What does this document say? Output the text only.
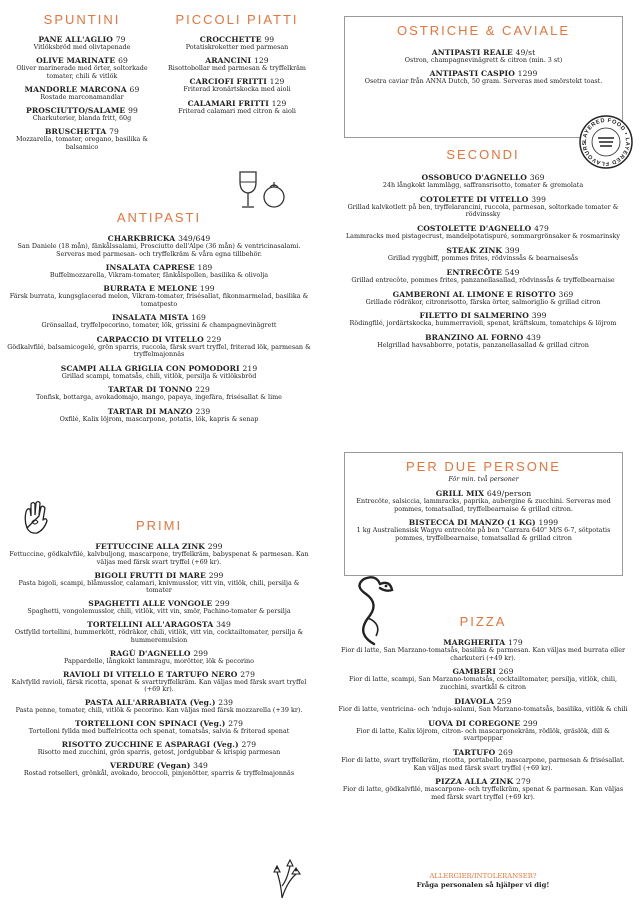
SPUNTINI
PANE ALL'AGLIO 79
Vitlöksbröd med olivtapenade
OLIVE MARINATE 69
Oliver marinerade med örter, soltorkade tomater, chili & vitlök
MANDORLE MARCONA 69
Rostade marconamandlar
PROSCIUTTO/SALAME 99
Charkuterier, blanda fritt, 60g
BRUSCHETTA 79
Mozzarella, tomater, oregano, basilika & balsamico
PICCOLI PIATTI
CROCCHETTE 99
Potatiskroketter med parmesan
ARANCINI 129
Risottobollar med parmesan & tryffelkräm
CARCIOFI FRITTI 129
Friterad kronärtskocka med aioli
CALAMARI FRITTI 129
Friterad calamari med citron & aioli
ANTIPASTI
CHARKBRICKA 349/649
San Daniele (18 mån), fänkålssalami, Prosciutto dell'Alpe (36 mån) & ventricinasalami. Serveras med parmesan- och tryffelkräm & våra egna tillbehör.
INSALATA CAPRESE 189
Buffelmozzarella, Vikram-tomater, fänkålspollen, basilika & olivolja
BURRATA E MELONE 199
Färsk burrata, kungsglacerad melon, Vikram-tomater, frisésallat, fikonmarmelad, basilika & tomatpesto
INSALATA MISTA 169
Grönsallad, tryffelpecorino, tomater, lök, grissini & champagnevinägrett
CARPACCIO DI VITELLO 229
Gödkalvfilé, balsamicogelé, grön sparris, ruccola, färsk svart tryffel, friterad lök, parmesan & tryffelmajonnäs
SCAMPI ALLA GRIGLIA CON POMODORI 219
Grillad scampi, tomatsås, chili, vitlök, persilja & vitlöksbröd
TARTAR DI TONNO 229
Tonfisk, bottarga, avokadomajo, mango, papaya, ingefära, frisésallat & lime
TARTAR DI MANZO 239
Oxfilé, Kalix löjrom, mascarpone, potatis, lök, kapris & senap
PRIMI
FETTUCCINE ALLA ZINK 299
Fettuccine, gödkalvfilé, kalvbuljong, mascarpone, tryffelkräm, babyspenat & parmesan. Kan väljas med färsk svart tryffel (+69 kr).
BIGOLI FRUTTI DI MARE 299
Pasta bigoli, scampi, blåmusslor, calamari, knivmusslor, vitt vin, vitlök, chili, persilja & tomater
SPAGHETTI ALLE VONGOLE 299
Spaghetti, vongolemusslor, chili, vitlök, vitt vin, smör, Pachino-tomater & persilja
TORTELLINI ALL'ARAGOSTA 349
Ostfylld tortellini, hummerkött, rödräkor, chili, vitlök, vitt vin, cocktailtomater, persilja & hummeremulsion
RAGÙ D'AGNELLO 299
Pappardelle, långkokt lammragu, morötter, lök & pecorino
RAVIOLI DI VITELLO E TARTUFO NERO 279
Kalvfylld ravioli, färsk ricotta, spenat & svarttryffelkräm. Kan väljas med färsk svart tryffel (+69 kr).
PASTA ALL'ARRABIATA (Veg.) 239
Pasta penne, tomater, chili, vitlök & pecorino. Kan väljas med färsk mozzarella (+39 kr).
TORTELLONI CON SPINACI (Veg.) 279
Tortelloni fyllda med buffelricotta och spenat, tomatsås, salvia & friterad spenat
RISOTTO ZUCCHINE E ASPARAGI (Veg.) 279
Risotto med zucchini, grön sparris, getost, jordgubbar & krispig parmesan
VERDURE (Vegan) 349
Rostad rotselleri, grönkål, avokado, broccoli, pinjenötter, sparris & tryffelmajonnäs
OSTRICHE & CAVIALE
ANTIPASTI REALE 49/st
Ostron, champagnevinägrett & citron (min. 3 st)
ANTIPASTI CASPIO 1299
Osetra caviar från ANNA Dutch, 50 gram. Serveras med smörstekt toast.
LAYERED FOOD • LAYERED FLAVOURS
SECONDI
OSSOBUCO D'AGNELLO 369
24h långkokt lammlägg, saffransrisotto, tomater & gremolata
COTOLETTE DI VITELLO 399
Grillad kalvkotlett på ben, tryffelarancini, ruccola, parmesan, soltorkade tomater & rödvinssky
COSTOLETTE D'AGNELLO 479
Lammracks med pistagecrust, mandelpotatispuré, sommargrönsaker & rosmarinsky
STEAK ZINK 399
Grillad ryggbiff, pommes frites, rödvinssås & bearnaisesås
ENTRECÔTE 549
Grillad entrecôte, pommes frites, panzanellasallad, rödvinssås & tryffelbearnaise
GAMBERONI AL LIMONE E RISOTTO 369
Grillade rödräkor, citronrisotto, färska örter, salmoriglio & grillad citron
FILETTO DI SALMERINO 399
Rödingfilé, jordärtskocka, hummerravioli, spenat, kräftskum, tomatchips & löjrom
BRANZINO AL FORNO 439
Helgrillad havsabborre, potatis, panzanellasallad & grillad citron
PER DUE PERSONE
För min. två personer
GRILL MIX 649/person
Entrecôte, salsiccia, lammracks, paprika, aubergine & zucchini. Serveras med pommes, tomatsallad, tryffelbearnaise & grillad citron.
BISTECCA DI MANZO (1 KG) 1999
1 kg Australiensisk Wagyu entrecôte på ben "Carrara 640" M/S 6-7, sötpotatis pommes, tryffelbearnaise, tomatsallad & grillad citron
PIZZA
MARGHERITA 179
Fior di latte, San Marzano-tomatsås, basilika & parmesan. Kan väljas med burrata eller charkuteri (+49 kr).
GAMBERI 269
Fior di latte, scampi, San Marzano-tomatsås, cocktailtomater, persilja, vitlök, chili, zucchini, svartkål & citron
DIAVOLA 259
Fior di latte, ventricina- och 'nduja-salami, San Marzano-tomatsås, basilika, vitlök & chili
UOVA DI COREGONE 299
Fior di latte, Kalix löjrom, citron- och mascarponekräm, rödlök, gräslök, dill & svartpeppar
TARTUFO 269
Fior di latte, svart tryffelkräm, ricotta, portabello, mascarpone, parmesan & frisésallat. Kan väljas med färsk svart tryffel (+69 kr).
PIZZA ALLA ZINK 279
Fior di latte, gödkalvfilé, mascarpone- och tryffelkräm, spenat & parmesan. Kan väljas med färsk svart tryffel (+69 kr).
ALLERGIER/INTOLERANSER?
Fråga personalen så hjälper vi dig!
